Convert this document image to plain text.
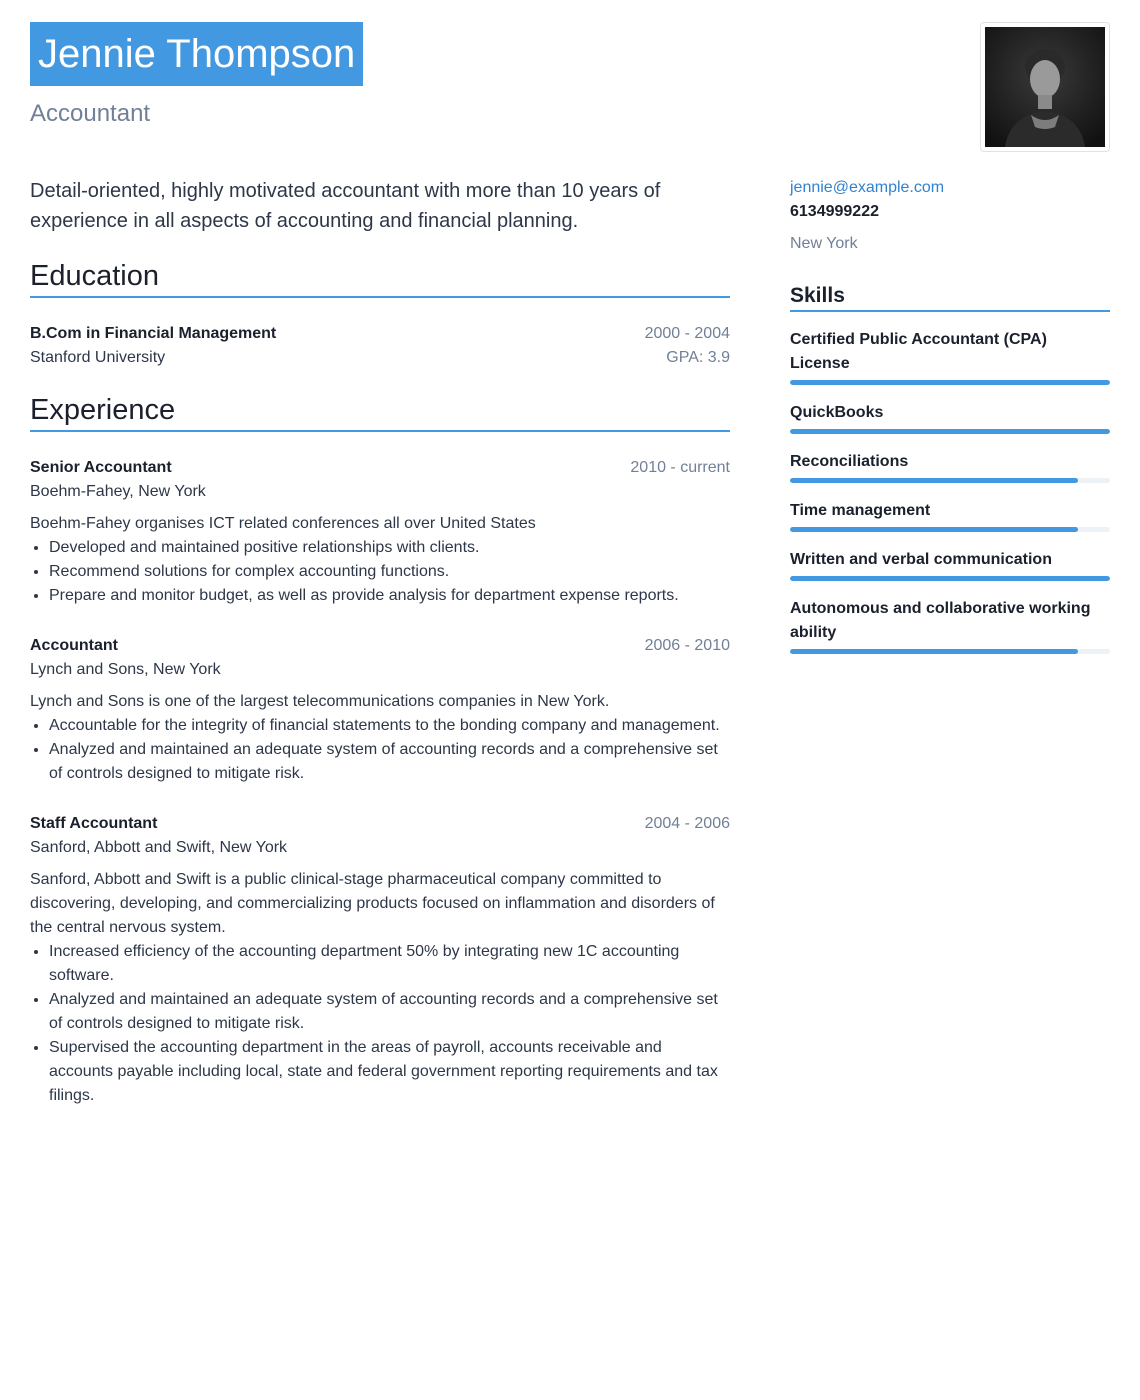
Jennie Thompson
Accountant

Detail-oriented, highly motivated accountant with more than 10 years of experience in all aspects of accounting and financial planning.

Education
B.Com in Financial Management	2000 - 2004
Stanford University	GPA: 3.9
Experience
Senior Accountant	2010 - current
Boehm-Fahey, New York
Boehm-Fahey organises ICT related conferences all over United States
• Developed and maintained positive relationships with clients.
• Recommend solutions for complex accounting functions.
• Prepare and monitor budget, as well as provide analysis for department expense reports.
Accountant	2006 - 2010
Lynch and Sons, New York
Lynch and Sons is one of the largest telecommunications companies in New York.
• Accountable for the integrity of financial statements to the bonding company and management.
• Analyzed and maintained an adequate system of accounting records and a comprehensive set of controls designed to mitigate risk.
Staff Accountant	2004 - 2006
Sanford, Abbott and Swift, New York
Sanford, Abbott and Swift is a public clinical-stage pharmaceutical company committed to discovering, developing, and commercializing products focused on inflammation and disorders of the central nervous system.
• Increased efficiency of the accounting department 50% by integrating new 1C accounting software.
• Analyzed and maintained an adequate system of accounting records and a comprehensive set of controls designed to mitigate risk.
• Supervised the accounting department in the areas of payroll, accounts receivable and accounts payable including local, state and federal government reporting requirements and tax filings.
jennie@example.com
6134999222
New York
Skills
Certified Public Accountant (CPA) License
QuickBooks
Reconciliations
Time management
Written and verbal communication
Autonomous and collaborative working ability
